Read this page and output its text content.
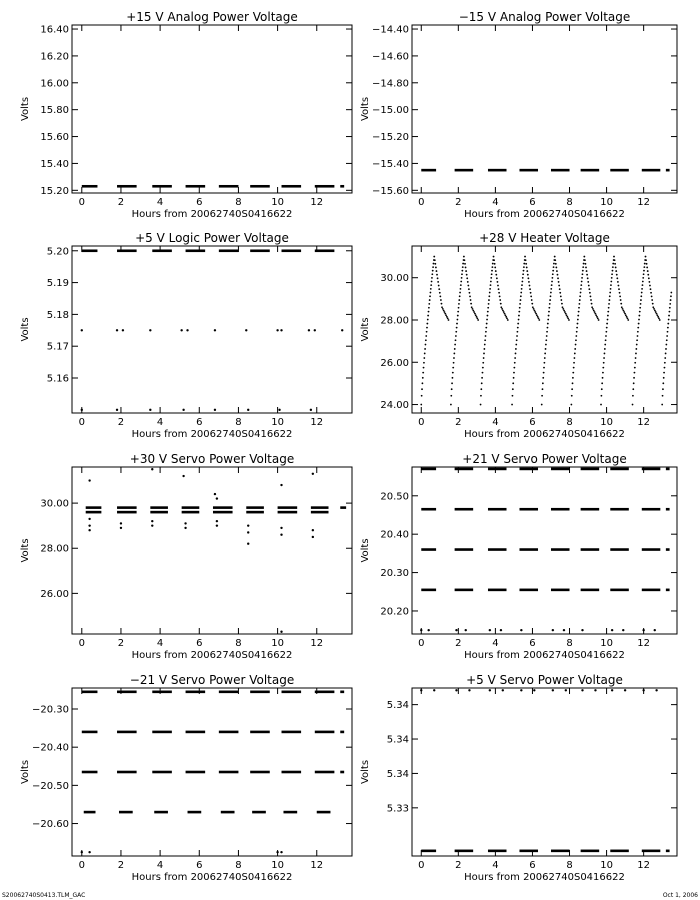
+15 V Analog Power Voltage
Hours from 20062740S0416622
Volts
0	2	4	6	8	10	12
15.20
15.40
15.60
15.80
16.00
16.20
16.40
−15 V Analog Power Voltage
Hours from 20062740S0416622
Volts
0	2	4	6	8	10 12
−15.60
−15.40
−15.20
−15.00
−14.80
−14.60
−14.40
+5 V Logic Power Voltage
Hours from 20062740S0416622
Volts
0	2	4	6	8	10	12
5.16
5.17
5.18
5.19
5.20
+28 V Heater Voltage
Hours from 20062740S0416622
Volts
0	2	4	6	8	10 12
24.00
26.00
28.00
30.00
+30 V Servo Power Voltage
Hours from 20062740S0416622
Volts
0	2	4	6	8	10	12
26.00
28.00
30.00
+21 V Servo Power Voltage
Hours from 20062740S0416622
Volts
0	2	4	6	8	10 12
20.20
20.30
20.40
20.50
−21 V Servo Power Voltage
Hours from 20062740S0416622
Volts
0	2	4	6	8	10	12
−20.60
−20.50
−20.40
−20.30
+5 V Servo Power Voltage
Hours from 20062740S0416622
Volts
0	2	4	6	8	10 12
5.33
5.34
5.34
5.34
S20062740S0413.TLM_GAC	Oct 1, 2006
